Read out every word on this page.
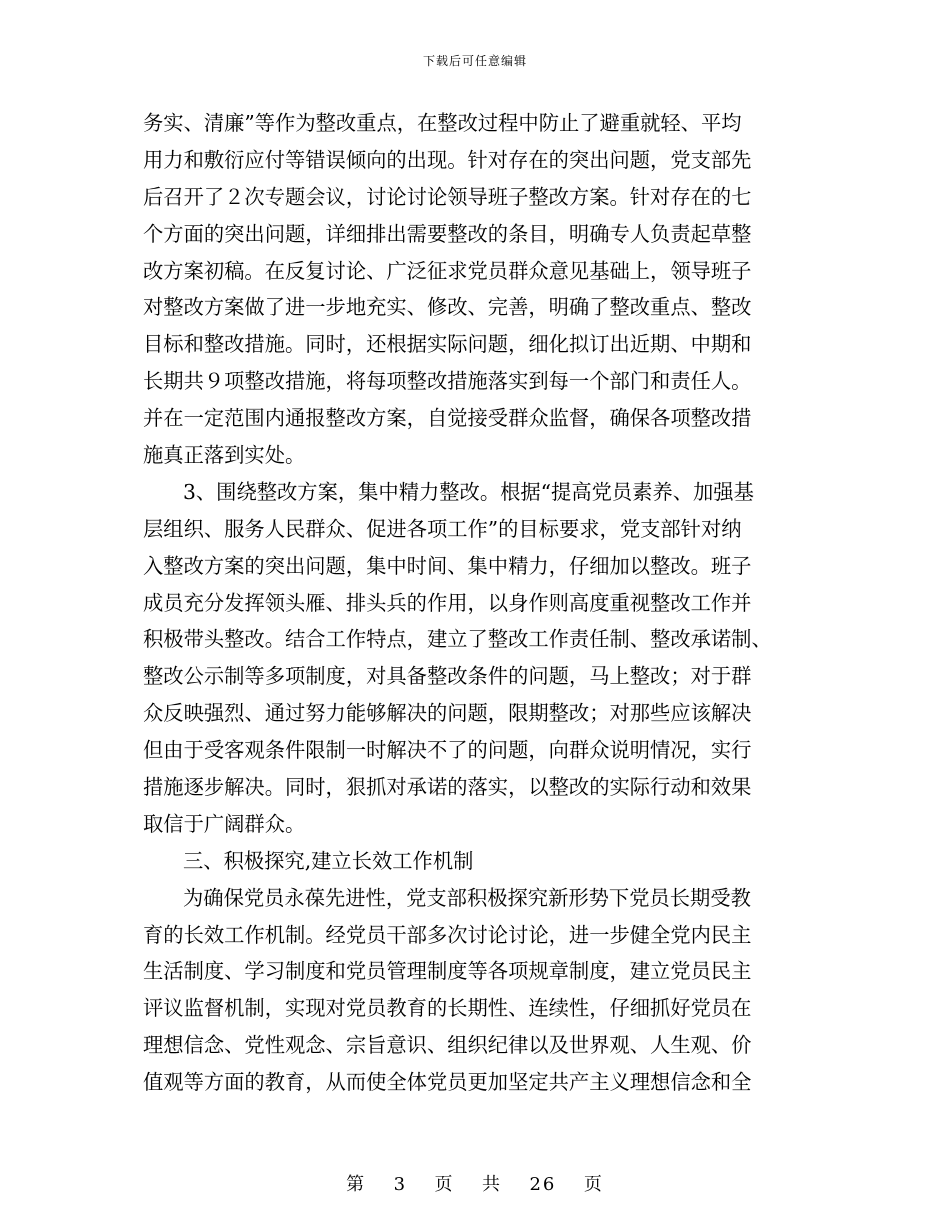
下载后可任意编辑
务实、清廉”等作为整改重点，在整改过程中防止了避重就轻、平均
用力和敷衍应付等错误倾向的出现。针对存在的突出问题，党支部先
后召开了２次专题会议，讨论讨论领导班子整改方案。针对存在的七
个方面的突出问题，详细排出需要整改的条目，明确专人负责起草整
改方案初稿。在反复讨论、广泛征求党员群众意见基础上，领导班子
对整改方案做了进一步地充实、修改、完善，明确了整改重点、整改
目标和整改措施。同时，还根据实际问题，细化拟订出近期、中期和
长期共９项整改措施，将每项整改措施落实到每一个部门和责任人。
并在一定范围内通报整改方案，自觉接受群众监督，确保各项整改措
施真正落到实处。
3、围绕整改方案，集中精力整改。根据“提高党员素养、加强基
层组织、服务人民群众、促进各项工作”的目标要求，党支部针对纳
入整改方案的突出问题，集中时间、集中精力，仔细加以整改。班子
成员充分发挥领头雁、排头兵的作用，以身作则高度重视整改工作并
积极带头整改。结合工作特点，建立了整改工作责任制、整改承诺制、
整改公示制等多项制度，对具备整改条件的问题，马上整改；对于群
众反映强烈、通过努力能够解决的问题，限期整改；对那些应该解决
但由于受客观条件限制一时解决不了的问题，向群众说明情况，实行
措施逐步解决。同时，狠抓对承诺的落实，以整改的实际行动和效果
取信于广阔群众。
三、积极探究,建立长效工作机制
为确保党员永葆先进性，党支部积极探究新形势下党员长期受教
育的长效工作机制。经党员干部多次讨论讨论，进一步健全党内民主
生活制度、学习制度和党员管理制度等各项规章制度，建立党员民主
评议监督机制，实现对党员教育的长期性、连续性，仔细抓好党员在
理想信念、党性观念、宗旨意识、组织纪律以及世界观、人生观、价
值观等方面的教育，从而使全体党员更加坚定共产主义理想信念和全
第 3 页 共 26 页
